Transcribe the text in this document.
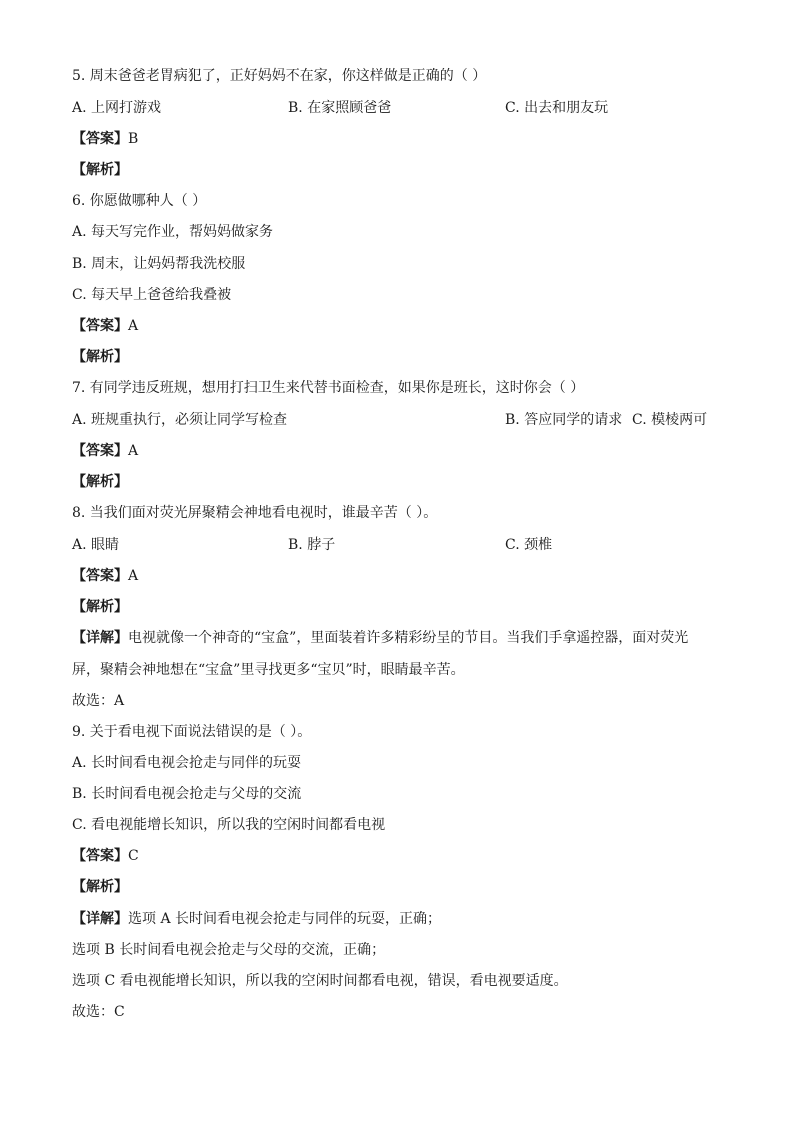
5. 周末爸爸老胃病犯了，正好妈妈不在家，你这样做是正确的（ ）
A. 上网打游戏	B. 在家照顾爸爸	C. 出去和朋友玩
【答案】B
【解析】
6. 你愿做哪种人（ ）
A. 每天写完作业，帮妈妈做家务
B. 周末，让妈妈帮我洗校服
C. 每天早上爸爸给我叠被
【答案】A
【解析】
7. 有同学违反班规，想用打扫卫生来代替书面检查，如果你是班长，这时你会（ ）
A. 班规重执行，必须让同学写检查	B. 答应同学的请求 C. 模棱两可
【答案】A
【解析】
8. 当我们面对荧光屏聚精会神地看电视时，谁最辛苦（ ）。
A. 眼睛	B. 脖子	C. 颈椎
【答案】A
【解析】
【详解】电视就像一个神奇的“宝盒”，里面装着许多精彩纷呈的节目。当我们手拿遥控器，面对荧光
屏，聚精会神地想在“宝盒”里寻找更多“宝贝”时，眼睛最辛苦。
故选：A
9. 关于看电视下面说法错误的是（ ）。
A. 长时间看电视会抢走与同伴的玩耍
B. 长时间看电视会抢走与父母的交流
C. 看电视能增长知识，所以我的空闲时间都看电视
【答案】C
【解析】
【详解】选项 A 长时间看电视会抢走与同伴的玩耍，正确；
选项 B 长时间看电视会抢走与父母的交流，正确；
选项 C 看电视能增长知识，所以我的空闲时间都看电视，错误，看电视要适度。
故选：C
